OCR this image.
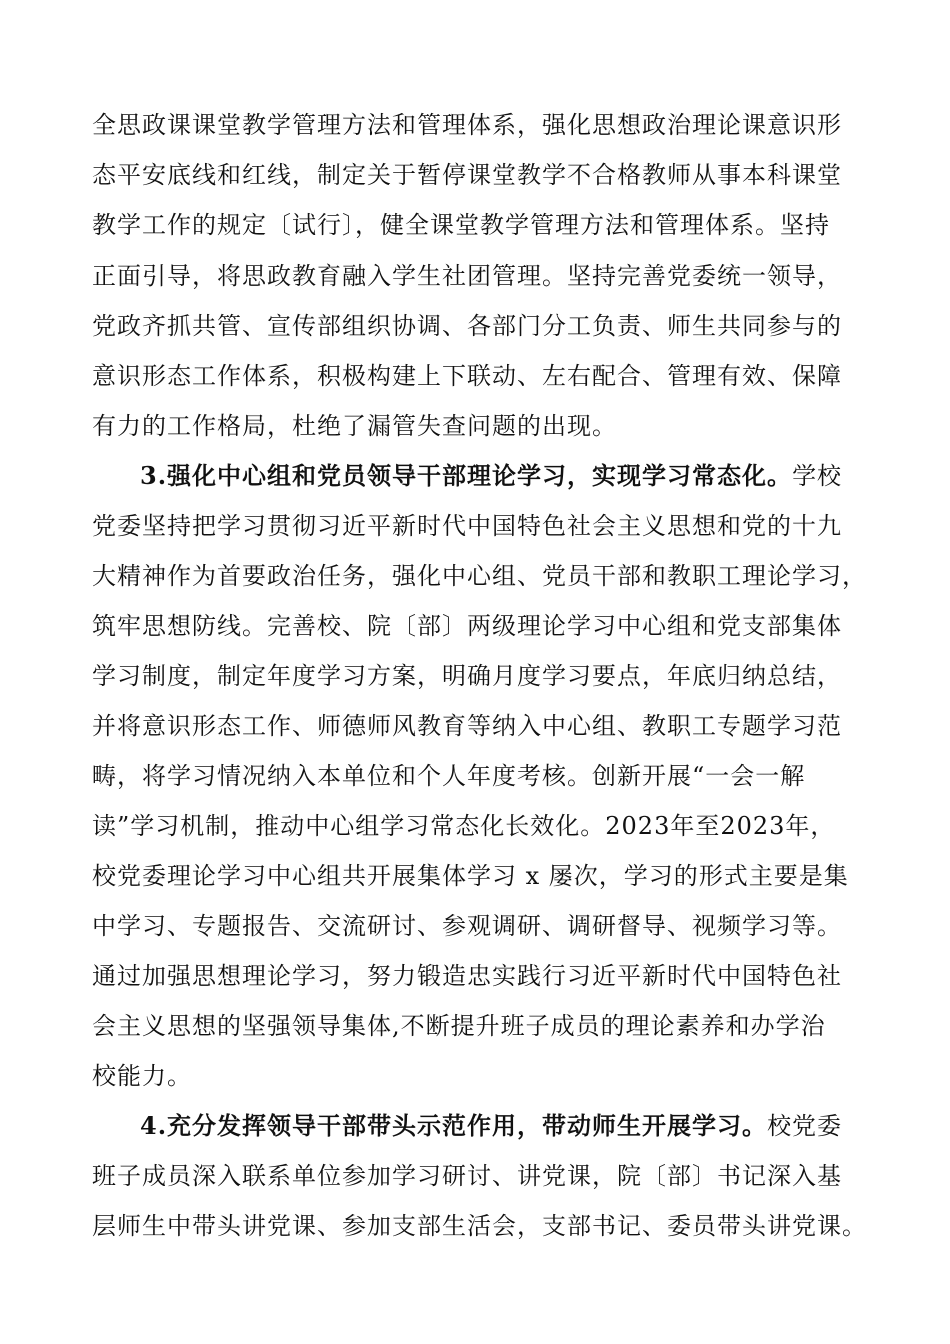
全思政课课堂教学管理方法和管理体系，强化思想政治理论课意识形
态平安底线和红线，制定关于暂停课堂教学不合格教师从事本科课堂
教学工作的规定〔试行〕，健全课堂教学管理方法和管理体系。坚持
正面引导，将思政教育融入学生社团管理。坚持完善党委统一领导，
党政齐抓共管、宣传部组织协调、各部门分工负责、师生共同参与的
意识形态工作体系，积极构建上下联动、左右配合、管理有效、保障
有力的工作格局，杜绝了漏管失查问题的出现。
3.强化中心组和党员领导干部理论学习，实现学习常态化。学校
党委坚持把学习贯彻习近平新时代中国特色社会主义思想和党的十九
大精神作为首要政治任务，强化中心组、党员干部和教职工理论学习，
筑牢思想防线。完善校、院〔部〕两级理论学习中心组和党支部集体
学习制度，制定年度学习方案，明确月度学习要点，年底归纳总结，
并将意识形态工作、师德师风教育等纳入中心组、教职工专题学习范
畴，将学习情况纳入本单位和个人年度考核。创新开展“一会一解
读”学习机制，推动中心组学习常态化长效化。2023年至2023年，
校党委理论学习中心组共开展集体学习 x 屡次，学习的形式主要是集
中学习、专题报告、交流研讨、参观调研、调研督导、视频学习等。
通过加强思想理论学习，努力锻造忠实践行习近平新时代中国特色社
会主义思想的坚强领导集体,不断提升班子成员的理论素养和办学治
校能力。
4.充分发挥领导干部带头示范作用，带动师生开展学习。校党委
班子成员深入联系单位参加学习研讨、讲党课，院〔部〕书记深入基
层师生中带头讲党课、参加支部生活会，支部书记、委员带头讲党课。
